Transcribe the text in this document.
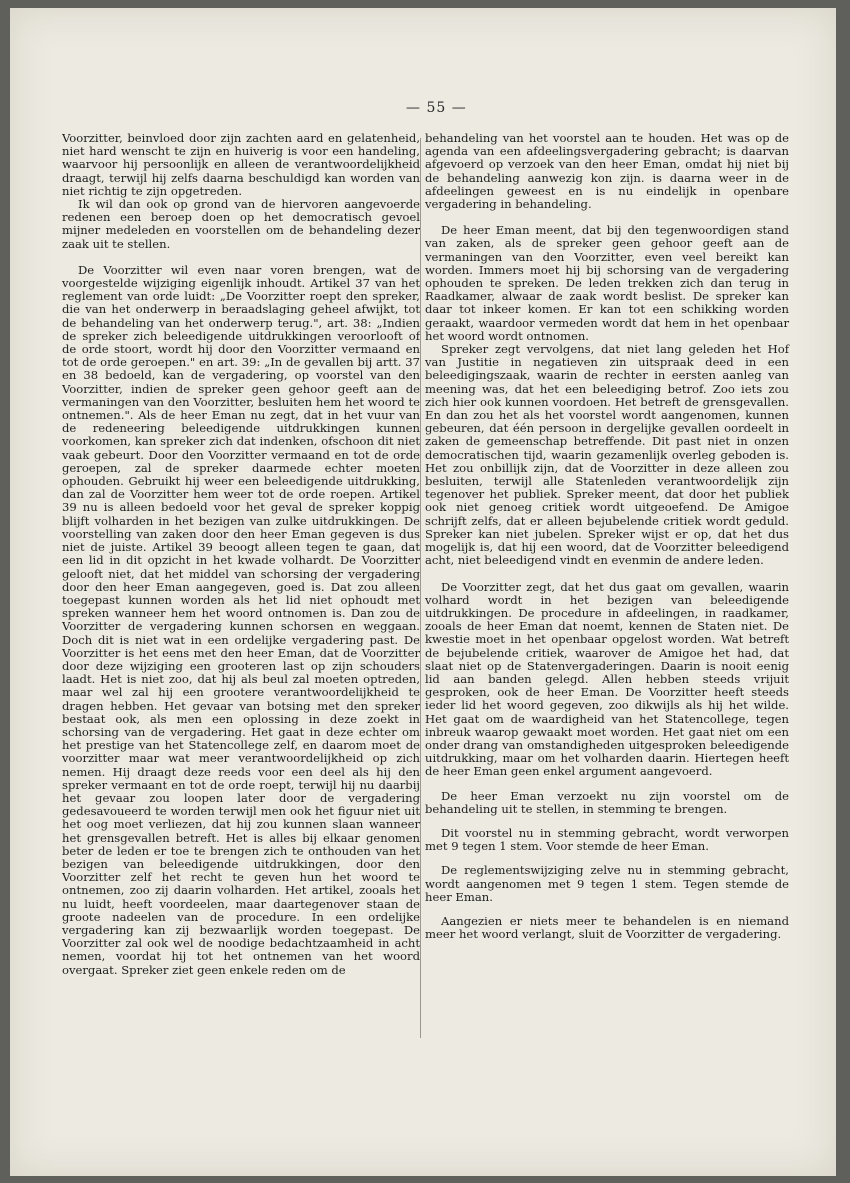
— 55 —

Voorzitter, beinvloed door zijn zachten aard en gelatenheid, niet hard wenscht te zijn en huiverig is voor een handeling, waarvoor hij persoonlijk en alleen de verantwoordelijkheid draagt, terwijl hij zelfs daarna beschuldigd kan worden van niet richtig te zijn opgetreden.

Ik wil dan ook op grond van de hiervoren aangevoerde redenen een beroep doen op het democratisch gevoel mijner medeleden en voorstellen om de behandeling dezer zaak uit te stellen.

De Voorzitter wil even naar voren brengen, wat de voorgestelde wijziging eigenlijk inhoudt. Artikel 37 van het reglement van orde luidt: „De Voorzitter roept den spreker, die van het onderwerp in beraadslaging geheel afwijkt, tot de behandeling van het onderwerp terug.", art. 38: „Indien de spreker zich beleedigende uitdrukkingen veroorlooft of de orde stoort, wordt hij door den Voorzitter vermaand en tot de orde geroepen." en art. 39: „In de gevallen bij artt. 37 en 38 bedoeld, kan de vergadering, op voorstel van den Voorzitter, indien de spreker geen gehoor geeft aan de vermaningen van den Voorzitter, besluiten hem het woord te ontnemen.". Als de heer Eman nu zegt, dat in het vuur van de redeneering beleedigende uitdrukkingen kunnen voorkomen, kan spreker zich dat indenken, ofschoon dit niet vaak gebeurt. Door den Voorzitter vermaand en tot de orde geroepen, zal de spreker daarmede echter moeten ophouden. Gebruikt hij weer een beleedigende uitdrukking, dan zal de Voorzitter hem weer tot de orde roepen. Artikel 39 nu is alleen bedoeld voor het geval de spreker koppig blijft volharden in het bezigen van zulke uitdrukkingen. De voorstelling van zaken door den heer Eman gegeven is dus niet de juiste. Artikel 39 beoogt alleen tegen te gaan, dat een lid in dit opzicht in het kwade volhardt. De Voorzitter gelooft niet, dat het middel van schorsing der vergadering door den heer Eman aangegeven, goed is. Dat zou alleen toegepast kunnen worden als het lid niet ophoudt met spreken wanneer hem het woord ontnomen is. Dan zou de Voorzitter de vergadering kunnen schorsen en weggaan. Doch dit is niet wat in een ordelijke vergadering past. De Voorzitter is het eens met den heer Eman, dat de Voorzitter door deze wijziging een grooteren last op zijn schouders laadt. Het is niet zoo, dat hij als beul zal moeten optreden, maar wel zal hij een grootere verantwoordelijkheid te dragen hebben. Het gevaar van botsing met den spreker bestaat ook, als men een oplossing in deze zoekt in schorsing van de vergadering. Het gaat in deze echter om het prestige van het Statencollege zelf, en daarom moet de voorzitter maar wat meer verantwoordelijkheid op zich nemen. Hij draagt deze reeds voor een deel als hij den spreker vermaant en tot de orde roept, terwijl hij nu daarbij het gevaar zou loopen later door de vergadering gedesavoueerd te worden terwijl men ook het figuur niet uit het oog moet verliezen, dat hij zou kunnen slaan wanneer het grensgevallen betreft. Het is alles bij elkaar genomen beter de leden er toe te brengen zich te onthouden van het bezigen van beleedigende uitdrukkingen, door den Voorzitter zelf het recht te geven hun het woord te ontnemen, zoo zij daarin volharden. Het artikel, zooals het nu luidt, heeft voordeelen, maar daartegenover staan de groote nadeelen van de procedure. In een ordelijke vergadering kan zij bezwaarlijk worden toegepast. De Voorzitter zal ook wel de noodige bedachtzaamheid in acht nemen, voordat hij tot het ontnemen van het woord overgaat. Spreker ziet geen enkele reden om de

behandeling van het voorstel aan te houden. Het was op de agenda van een afdeelingsvergadering gebracht; is daarvan afgevoerd op verzoek van den heer Eman, omdat hij niet bij de behandeling aanwezig kon zijn. is daarna weer in de afdeelingen geweest en is nu eindelijk in openbare vergadering in behandeling.

De heer Eman meent, dat bij den tegenwoordigen stand van zaken, als de spreker geen gehoor geeft aan de vermaningen van den Voorzitter, even veel bereikt kan worden. Immers moet hij bij schorsing van de vergadering ophouden te spreken. De leden trekken zich dan terug in Raadkamer, alwaar de zaak wordt beslist. De spreker kan daar tot inkeer komen. Er kan tot een schikking worden geraakt, waardoor vermeden wordt dat hem in het openbaar het woord wordt ontnomen.

Spreker zegt vervolgens, dat niet lang geleden het Hof van Justitie in negatieven zin uitspraak deed in een beleedigingszaak, waarin de rechter in eersten aanleg van meening was, dat het een beleediging betrof. Zoo iets zou zich hier ook kunnen voordoen. Het betreft de grensgevallen. En dan zou het als het voorstel wordt aangenomen, kunnen gebeuren, dat één persoon in dergelijke gevallen oordeelt in zaken de gemeenschap betreffende. Dit past niet in onzen democratischen tijd, waarin gezamenlijk overleg geboden is. Het zou onbillijk zijn, dat de Voorzitter in deze alleen zou besluiten, terwijl alle Statenleden verantwoordelijk zijn tegenover het publiek. Spreker meent, dat door het publiek ook niet genoeg critiek wordt uitgeoefend. De Amigoe schrijft zelfs, dat er alleen bejubelende critiek wordt geduld. Spreker kan niet jubelen. Spreker wijst er op, dat het dus mogelijk is, dat hij een woord, dat de Voorzitter beleedigend acht, niet beleedigend vindt en evenmin de andere leden.

De Voorzitter zegt, dat het dus gaat om gevallen, waarin volhard wordt in het bezigen van beleedigende uitdrukkingen. De procedure in afdeelingen, in raadkamer, zooals de heer Eman dat noemt, kennen de Staten niet. De kwestie moet in het openbaar opgelost worden. Wat betreft de bejubelende critiek, waarover de Amigoe het had, dat slaat niet op de Statenvergaderingen. Daarin is nooit eenig lid aan banden gelegd. Allen hebben steeds vrijuit gesproken, ook de heer Eman. De Voorzitter heeft steeds ieder lid het woord gegeven, zoo dikwijls als hij het wilde. Het gaat om de waardigheid van het Statencollege, tegen inbreuk waarop gewaakt moet worden. Het gaat niet om een onder drang van omstandigheden uitgesproken beleedigende uitdrukking, maar om het volharden daarin. Hiertegen heeft de heer Eman geen enkel argument aangevoerd.

De heer Eman verzoekt nu zijn voorstel om de behandeling uit te stellen, in stemming te brengen.

Dit voorstel nu in stemming gebracht, wordt verworpen met 9 tegen 1 stem. Voor stemde de heer Eman.

De reglementswijziging zelve nu in stemming gebracht, wordt aangenomen met 9 tegen 1 stem. Tegen stemde de heer Eman.

Aangezien er niets meer te behandelen is en niemand meer het woord verlangt, sluit de Voorzitter de vergadering.
